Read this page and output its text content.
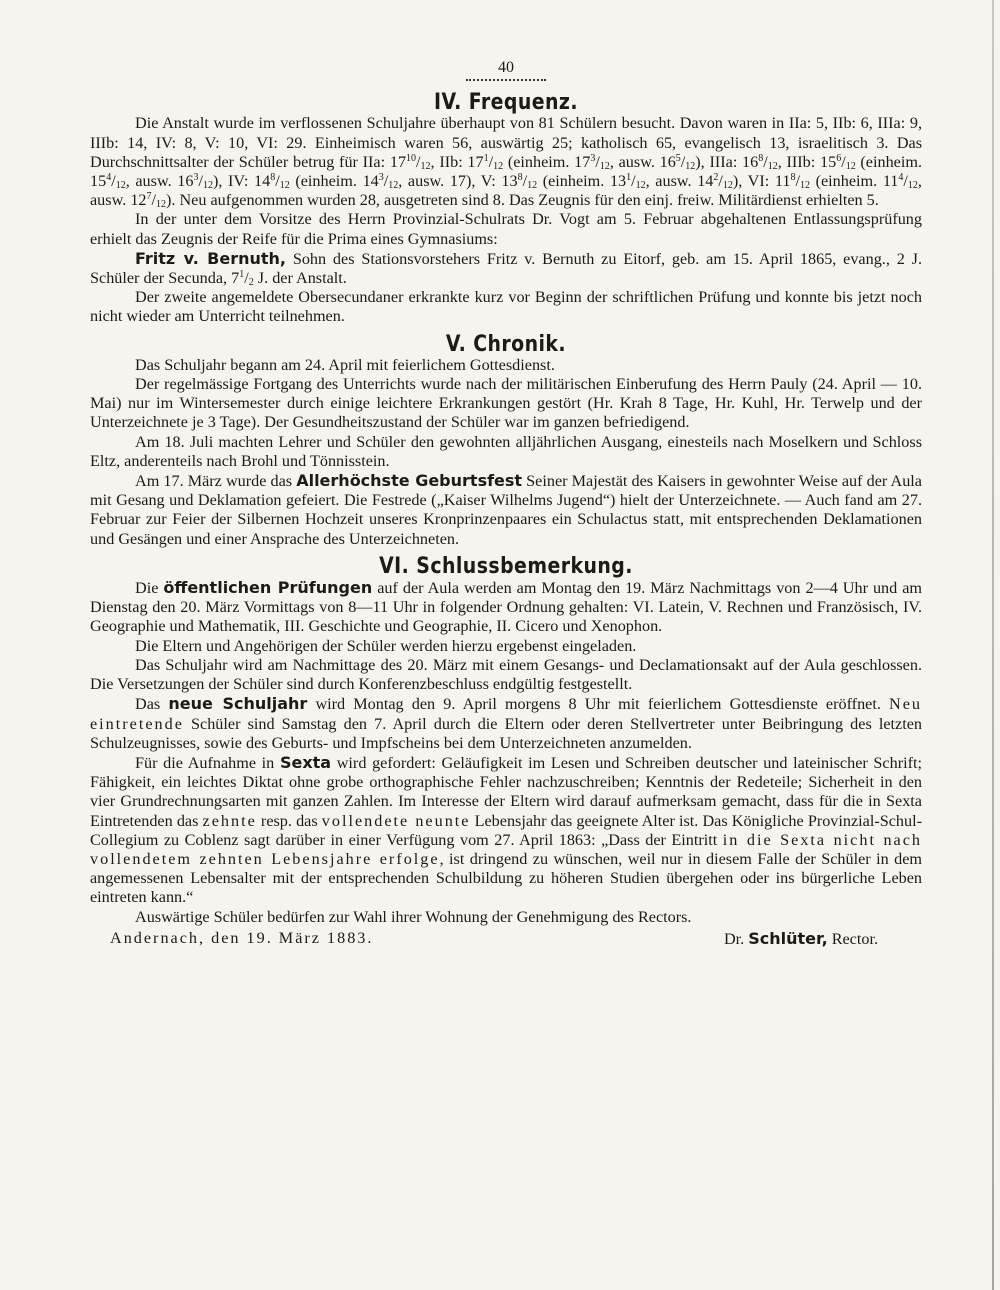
40
IV. Frequenz.

Die Anstalt wurde im verflossenen Schuljahre überhaupt von 81 Schülern besucht. Davon waren in IIa: 5, IIb: 6, IIIa: 9, IIIb: 14, IV: 8, V: 10, VI: 29. Einheimisch waren 56, auswärtig 25; katholisch 65, evangelisch 13, israelitisch 3. Das Durchschnittsalter der Schüler betrug für IIa: $17^{10}/_{12}$, IIb: $17^1/_{12}$ (einheim. $17^3/_{12}$, ausw. $16^5/_{12}$), IIIa: $16^8/_{12}$, IIIb: $15^6/_{12}$ (einheim. $15^4/_{12}$, ausw. $16^3/_{12}$), IV: $14^8/_{12}$ (einheim. $14^3/_{12}$, ausw. 17), V: $13^8/_{12}$ (einheim. $13^1/_{12}$, ausw. $14^2/_{12}$), VI: $11^8/_{12}$ (einheim. $11^4/_{12}$, ausw. $12^7/_{12}$). Neu aufgenommen wurden 28, ausgetreten sind 8. Das Zeugnis für den einj. freiw. Militärdienst erhielten 5.

In der unter dem Vorsitze des Herrn Provinzial-Schulrats Dr. Vogt am 5. Februar abgehaltenen Entlassungsprüfung erhielt das Zeugnis der Reife für die Prima eines Gymnasiums:

Fritz v. Bernuth, Sohn des Stationsvorstehers Fritz v. Bernuth zu Eitorf, geb. am 15. April 1865, evang., 2 J. Schüler der Secunda, $7^1/_2$ J. der Anstalt.

Der zweite angemeldete Obersecundaner erkrankte kurz vor Beginn der schriftlichen Prüfung und konnte bis jetzt noch nicht wieder am Unterricht teilnehmen.

V. Chronik.

Das Schuljahr begann am 24. April mit feierlichem Gottesdienst.

Der regelmässige Fortgang des Unterrichts wurde nach der militärischen Einberufung des Herrn Pauly (24. April — 10. Mai) nur im Wintersemester durch einige leichtere Erkrankungen gestört (Hr. Krah 8 Tage, Hr. Kuhl, Hr. Terwelp und der Unterzeichnete je 3 Tage). Der Gesundheitszustand der Schüler war im ganzen befriedigend.

Am 18. Juli machten Lehrer und Schüler den gewohnten alljährlichen Ausgang, einesteils nach Moselkern und Schloss Eltz, anderenteils nach Brohl und Tönnisstein.

Am 17. März wurde das Allerhöchste Geburtsfest Seiner Majestät des Kaisers in gewohnter Weise auf der Aula mit Gesang und Deklamation gefeiert. Die Festrede („Kaiser Wilhelms Jugend“) hielt der Unterzeichnete. — Auch fand am 27. Februar zur Feier der Silbernen Hochzeit unseres Kronprinzenpaares ein Schulactus statt, mit entsprechenden Deklamationen und Gesängen und einer Ansprache des Unterzeichneten.

VI. Schlussbemerkung.

Die öffentlichen Prüfungen auf der Aula werden am Montag den 19. März Nachmittags von 2—4 Uhr und am Dienstag den 20. März Vormittags von 8—11 Uhr in folgender Ordnung gehalten: VI. Latein, V. Rechnen und Französisch, IV. Geographie und Mathematik, III. Geschichte und Geographie, II. Cicero und Xenophon.

Die Eltern und Angehörigen der Schüler werden hierzu ergebenst eingeladen.

Das Schuljahr wird am Nachmittage des 20. März mit einem Gesangs- und Declamationsakt auf der Aula geschlossen. Die Versetzungen der Schüler sind durch Konferenzbeschluss endgültig festgestellt.

Das neue Schuljahr wird Montag den 9. April morgens 8 Uhr mit feierlichem Gottesdienste eröffnet. Neu eintretende Schüler sind Samstag den 7. April durch die Eltern oder deren Stellvertreter unter Beibringung des letzten Schulzeugnisses, sowie des Geburts- und Impfscheins bei dem Unterzeichneten anzumelden.

Für die Aufnahme in Sexta wird gefordert: Geläufigkeit im Lesen und Schreiben deutscher und lateinischer Schrift; Fähigkeit, ein leichtes Diktat ohne grobe orthographische Fehler nachzuschreiben; Kenntnis der Redeteile; Sicherheit in den vier Grundrechnungsarten mit ganzen Zahlen. Im Interesse der Eltern wird darauf aufmerksam gemacht, dass für die in Sexta Eintretenden das zehnte resp. das vollendete neunte Lebensjahr das geeignete Alter ist. Das Königliche Provinzial-Schul-Collegium zu Coblenz sagt darüber in einer Verfügung vom 27. April 1863: „Dass der Eintritt in die Sexta nicht nach vollendetem zehnten Lebensjahre erfolge, ist dringend zu wünschen, weil nur in diesem Falle der Schüler in dem angemessenen Lebensalter mit der entsprechenden Schulbildung zu höheren Studien übergehen oder ins bürgerliche Leben eintreten kann.“

Auswärtige Schüler bedürfen zur Wahl ihrer Wohnung der Genehmigung des Rectors.

Andernach, den 19. März 1883.	Dr. Schlüter, Rector.
